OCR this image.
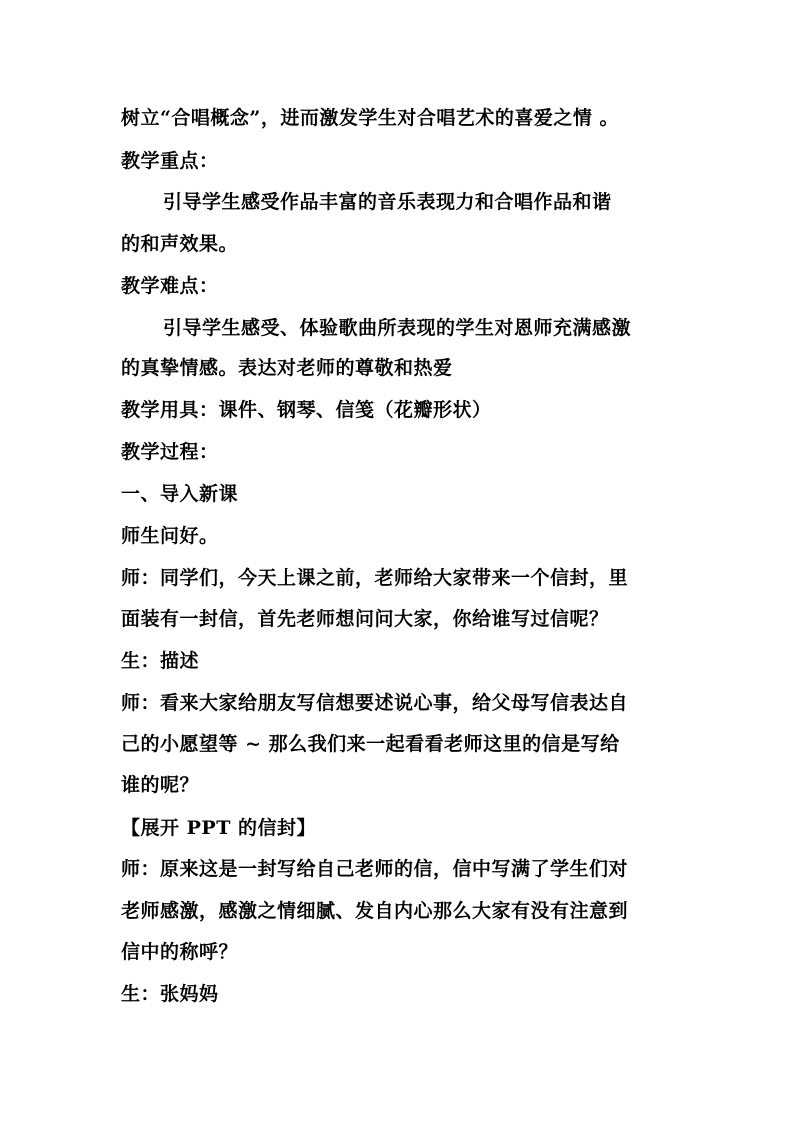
树立“合唱概念”，进而激发学生对合唱艺术的喜爱之情 。
教学重点：
引导学生感受作品丰富的音乐表现力和合唱作品和谐
的和声效果。
教学难点：
引导学生感受、体验歌曲所表现的学生对恩师充满感激
的真挚情感。表达对老师的尊敬和热爱
教学用具：课件、钢琴、信笺（花瓣形状）
教学过程：
一、导入新课
师生问好。
师：同学们，今天上课之前，老师给大家带来一个信封，里
面装有一封信，首先老师想问问大家，你给谁写过信呢？
生：描述
师：看来大家给朋友写信想要述说心事，给父母写信表达自
己的小愿望等 ~ 那么我们来一起看看老师这里的信是写给
谁的呢？
【展开 PPT 的信封】
师：原来这是一封写给自己老师的信，信中写满了学生们对
老师感激，感激之情细腻、发自内心那么大家有没有注意到
信中的称呼？
生：张妈妈
